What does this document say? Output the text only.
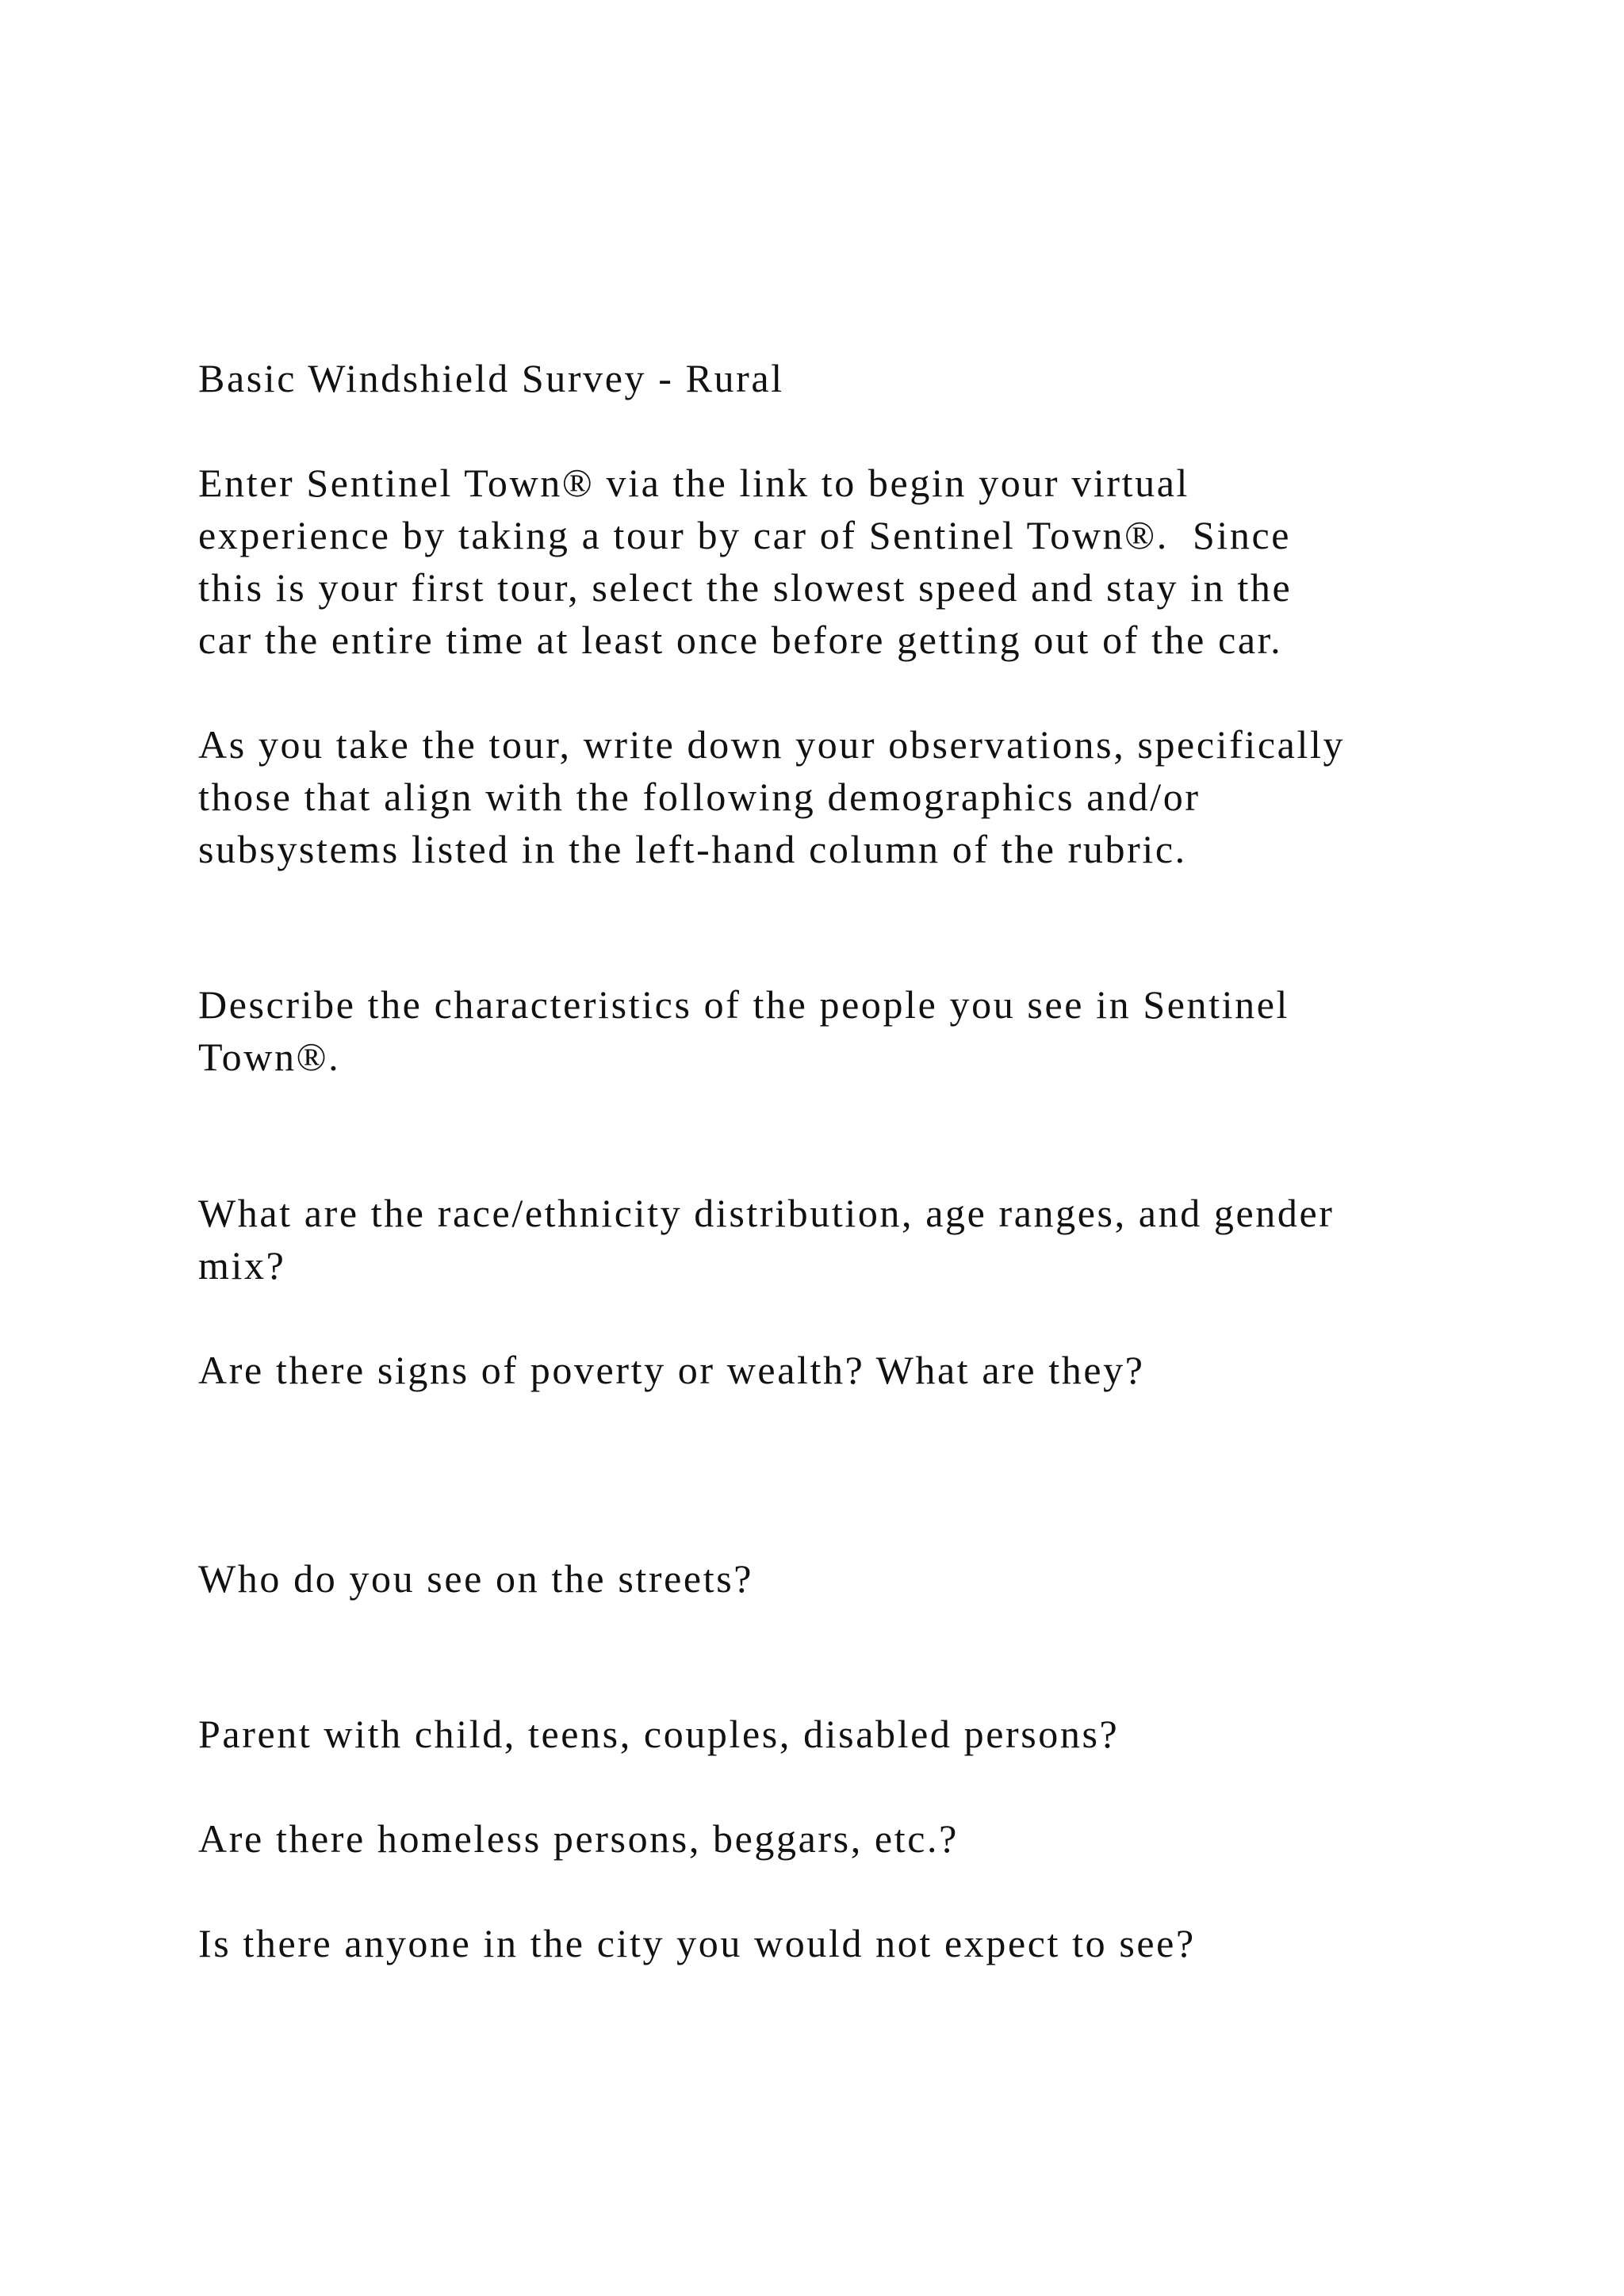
Basic Windshield Survey - Rural

Enter Sentinel Town® via the link to begin your virtual

experience by taking a tour by car of Sentinel Town®.  Since

this is your first tour, select the slowest speed and stay in the

car the entire time at least once before getting out of the car.

As you take the tour, write down your observations, specifically

those that align with the following demographics and/or

subsystems listed in the left-hand column of the rubric.

Describe the characteristics of the people you see in Sentinel

Town®.

What are the race/ethnicity distribution, age ranges, and gender

mix?

Are there signs of poverty or wealth? What are they?

Who do you see on the streets?

Parent with child, teens, couples, disabled persons?

Are there homeless persons, beggars, etc.?

Is there anyone in the city you would not expect to see?
